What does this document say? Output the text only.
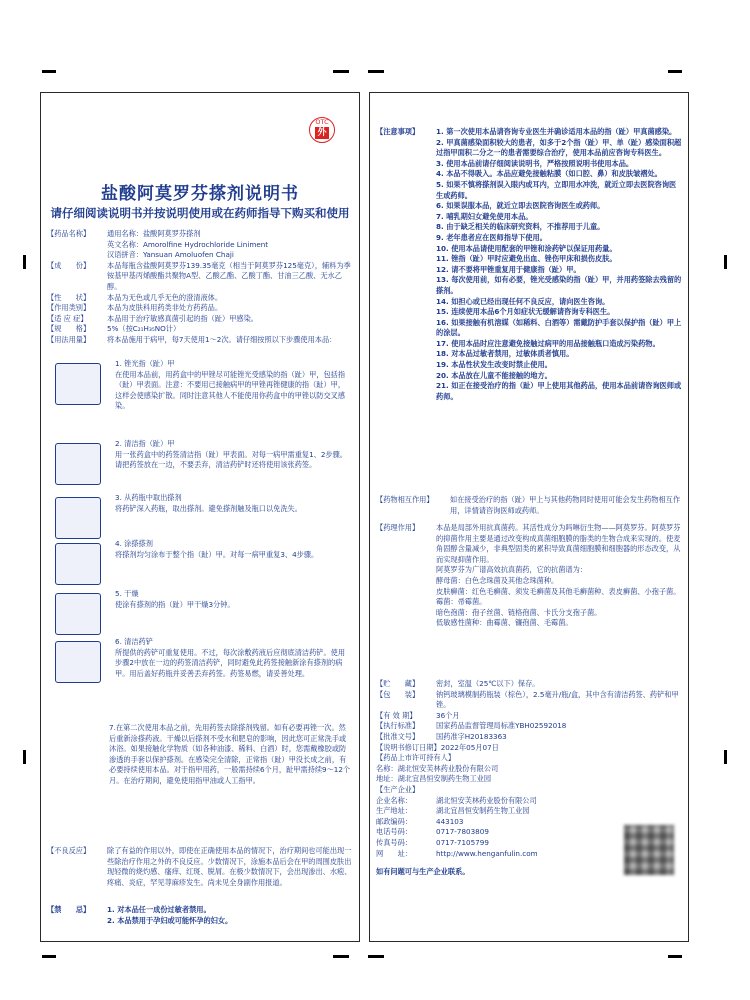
OTC
外
盐酸阿莫罗芬搽剂说明书
请仔细阅读说明书并按说明使用或在药师指导下购买和使用
【药品名称】	通用名称：盐酸阿莫罗芬搽剂
英文名称：Amorolfine Hydrochloride Liniment
汉语拼音：Yansuan Amoluofen Chaji
【成　　份】	本品每瓶含盐酸阿莫罗芬139.35毫克（相当于阿莫罗芬125毫克），辅料为季铵基甲基丙烯酸酯共聚物A型、乙酸乙酯、乙酸丁酯、甘油三乙酸、无水乙醇。
【性　　状】	本品为无色或几乎无色的澄清液体。
【作用类别】	本品为皮肤科用药类非处方药药品。
【适 应 症】	本品用于治疗敏感真菌引起的指（趾）甲感染。
【规　　格】	5%（按C₂₁H₃₅NO计）
【用法用量】	将本品施用于病甲，每7天使用1～2次。请仔细按照以下步骤使用本品：
1. 锉光指（趾）甲
在使用本品前，用药盒中的甲锉尽可能锉光受感染的指（趾）甲，包括指（趾）甲表面。注意：不要用已接触病甲的甲锉再锉健康的指（趾）甲，这样会使感染扩散。同时注意其他人不能使用你药盒中的甲锉以防交叉感染。
2. 清洁指（趾）甲
用一张药盒中的药签清洁指（趾）甲表面。对每一病甲需重复1、2步骤。请把药签放在一边，不要丢弃，清洁药铲时还将使用该张药签。
3. 从药瓶中取出搽剂
将药铲深入药瓶，取出搽剂。避免搽剂触及瓶口以免洗失。
4. 涂搽搽剂
将搽剂均匀涂布于整个指（趾）甲。对每一病甲重复3、4步骤。
5. 干燥
使涂有搽剂的指（趾）甲干燥3分钟。
6. 清洁药铲
所提供的药铲可重复使用。不过，每次涂敷药液后应彻底清洁药铲。使用步骤2中放在一边的药签清洁药铲，同时避免此药签接触新涂有搽剂的病甲。用后盖好药瓶并妥善丢弃药签。药签易燃，请妥善处理。
7.在第二次使用本品之前，先用药签去除搽剂残留。如有必要再锉一次。然后重新涂搽药液。干燥以后搽剂不受水和肥皂的影响，因此您可正常洗手或沐浴。如果接触化学物质（如各种油漆、稀料、白酒）时，您需戴橡胶或防渗透的手套以保护搽剂。在感染完全清除，正常指（趾）甲没长成之前，有必要持续使用本品。对于指甲用药，一般需持续6个月，趾甲需持续9～12个月。在治疗期间，避免使用指甲油或人工指甲。
【不良反应】	除了有益的作用以外，即使在正确使用本品的情况下，治疗期间也可能出现一些除治疗作用之外的不良反应。少数情况下，涂施本品后会在甲的周围皮肤出现轻微的烧灼感、瘙痒、红斑、脱屑。在极少数情况下，会出现渗出、水疱、疼痛、炎症，罕见荨麻疹发生。尚未见全身副作用报道。
【禁　　忌】	1. 对本品任一成份过敏者禁用。
2. 本品禁用于孕妇或可能怀孕的妇女。
【注意事项】	1. 第一次使用本品请咨询专业医生并确诊适用本品的指（趾）甲真菌感染。
2. 甲真菌感染面积较大的患者，如多于2个指（趾）甲、单（趾）感染面积超过指甲面积二分之一的患者需要综合治疗，使用本品前应咨询专科医生。
3. 使用本品前请仔细阅读说明书，严格按照说明书使用本品。
4. 本品不得吸入。本品应避免接触粘膜（如口腔、鼻）和皮肤皱褶处。
5. 如果不慎将搽剂误入眼内或耳内，立即用水冲洗，就近立即去医院咨询医生或药师。
6. 如果误服本品，就近立即去医院咨询医生或药师。
7. 哺乳期妇女避免使用本品。
8. 由于缺乏相关的临床研究资料，不推荐用于儿童。
9. 老年患者应在医师指导下使用。
10. 使用本品请使用配套的甲锉和涂药铲以保证用药量。
11. 锉指（趾）甲时应避免出血、锉伤甲床和损伤皮肤。
12. 请不要将甲锉重复用于健康指（趾）甲。
13. 每次使用前，如有必要，锉光受感染的指（趾）甲，并用药签除去残留的搽剂。
14. 如担心或已经出现任何不良反应，请向医生咨询。
15. 连续使用本品6个月如症状无缓解请咨询专科医生。
16. 如果接触有机溶媒（如稀料、白酒等）需戴防护手套以保护指（趾）甲上的涂层。
17. 使用本品时应注意避免接触过病甲的用品接触瓶口造成污染药物。
18. 对本品过敏者禁用，过敏体质者慎用。
19. 本品性状发生改变时禁止使用。
20. 本品放在儿童不能接触的地方。
21. 如正在接受治疗的指（趾）甲上使用其他药品，使用本品前请咨询医师或药师。
【药物相互作用】	如在接受治疗的指（趾）甲上与其他药物同时使用可能会发生药物相互作用，详情请咨询医师或药师。
【药理作用】	本品是局部外用抗真菌药。其活性成分为吗啉衍生物——阿莫罗芬。阿莫罗芬的抑菌作用主要是通过改变构成真菌细胞膜的脂类的生物合成来实现的。使麦角固醇含量减少，非典型固类的累积导致真菌细胞膜和细胞器的形态改变，从而实现抑菌作用。
阿莫罗芬为广谱高效抗真菌药，它的抗菌谱为：
酵母菌：白色念珠菌及其他念珠菌种。
皮肤癣菌：红色毛癣菌、须发毛癣菌及其他毛癣菌种、表皮癣菌、小孢子菌。
霉菌：帚霉菌。
暗色孢菌：孢子丝菌、链格孢菌、卡氏分支孢子菌。
低敏感性菌种：曲霉菌、镰孢菌、毛霉菌。
【贮　　藏】	密封，室温（25℃以下）保存。
【包　　装】	钠钙玻璃模制药瓶装（棕色），2.5毫升/瓶/盒，其中含有清洁药签、药铲和甲锉。
【有 效 期】	36个月
【执行标准】	国家药品监督管理局标准YBH02592018
【批准文号】	国药准字H20183363
【说明书修订日期】 2022年05月07日
【药品上市许可持有人】
名称：湖北恒安芙林药业股份有限公司
地址：湖北宜昌恒安制药生物工业园
【生产企业】
企业名称：	湖北恒安芙林药业股份有限公司
生产地址：	湖北宜昌恒安制药生物工业园
邮政编码：	443103
电话号码：	0717-7803809
传真号码：	0717-7105799
网　　址：	http://www.henganfulin.com
如有问题可与生产企业联系。
